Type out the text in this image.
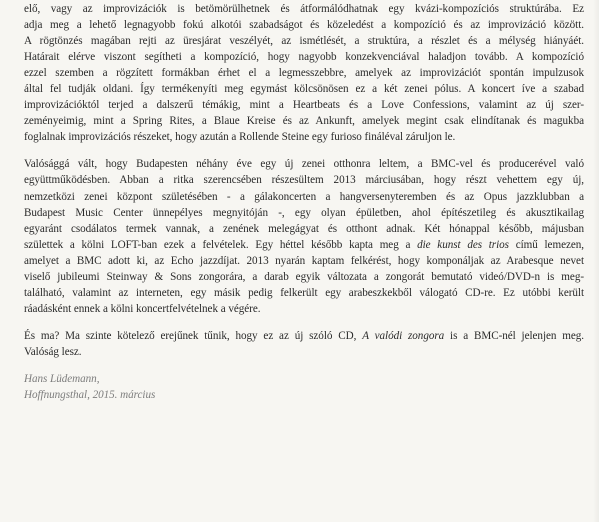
elő, vagy az improvizációk is betömörülhetnek és átformálódhatnak egy kvázi-kompozíciós struktúrába. Ez
adja meg a lehető legnagyobb fokú alkotói szabadságot és közeledést a kompozíció és az improvizáció között.
A rögtönzés magában rejti az üresjárat veszélyét, az ismétlését, a struktúra, a részlet és a mélység hiányáét.
Határait elérve viszont segítheti a kompozíció, hogy nagyobb konzekvenciával haladjon tovább. A kompozíció
ezzel szemben a rögzített formákban érhet el a legmesszebbre, amelyek az improvizációt spontán impulzusok
által fel tudják oldani. Így termékenyíti meg egymást kölcsönösen ez a két zenei pólus. A koncert íve a szabad
improvizációktól terjed a dalszerű témákig, mint a Heartbeats és a Love Confessions, valamint az új szer-
zeményeimig, mint a Spring Rites, a Blaue Kreise és az Ankunft, amelyek megint csak elindítanak és magukba
foglalnak improvizációs részeket, hogy azután a Rollende Steine egy furioso fináléval záruljon le.

Valósággá vált, hogy Budapesten néhány éve egy új zenei otthonra leltem, a BMC-vel és producerével való
együttműködésben. Abban a ritka szerencsében részesültem 2013 márciusában, hogy részt vehettem egy új,
nemzetközi zenei központ születésében - a gálakoncerten a hangversenyteremben és az Opus jazzklubban a
Budapest Music Center ünnepélyes megnyitóján -, egy olyan épületben, ahol építészetileg és akusztikailag
egyaránt csodálatos termek vannak, a zenének melegágyat és otthont adnak. Két hónappal később, májusban
születtek a kölni LOFT-ban ezek a felvételek. Egy héttel később kapta meg a die kunst des trios című lemezen,
amelyet a BMC adott ki, az Echo jazzdíjat. 2013 nyarán kaptam felkérést, hogy komponáljak az Arabesque nevet
viselő jubileumi Steinway & Sons zongorára, a darab egyik változata a zongorát bemutató videó/DVD-n is meg-
található, valamint az interneten, egy másik pedig felkerült egy arabeszkekből válogató CD-re. Ez utóbbi került
ráadásként ennek a kölni koncertfelvételnek a végére.

És ma? Ma szinte kötelező erejűnek tűnik, hogy ez az új szóló CD, A valódi zongora is a BMC-nél jelenjen meg.
Valóság lesz.

Hans Lüdemann,
Hoffnungsthal, 2015. március
